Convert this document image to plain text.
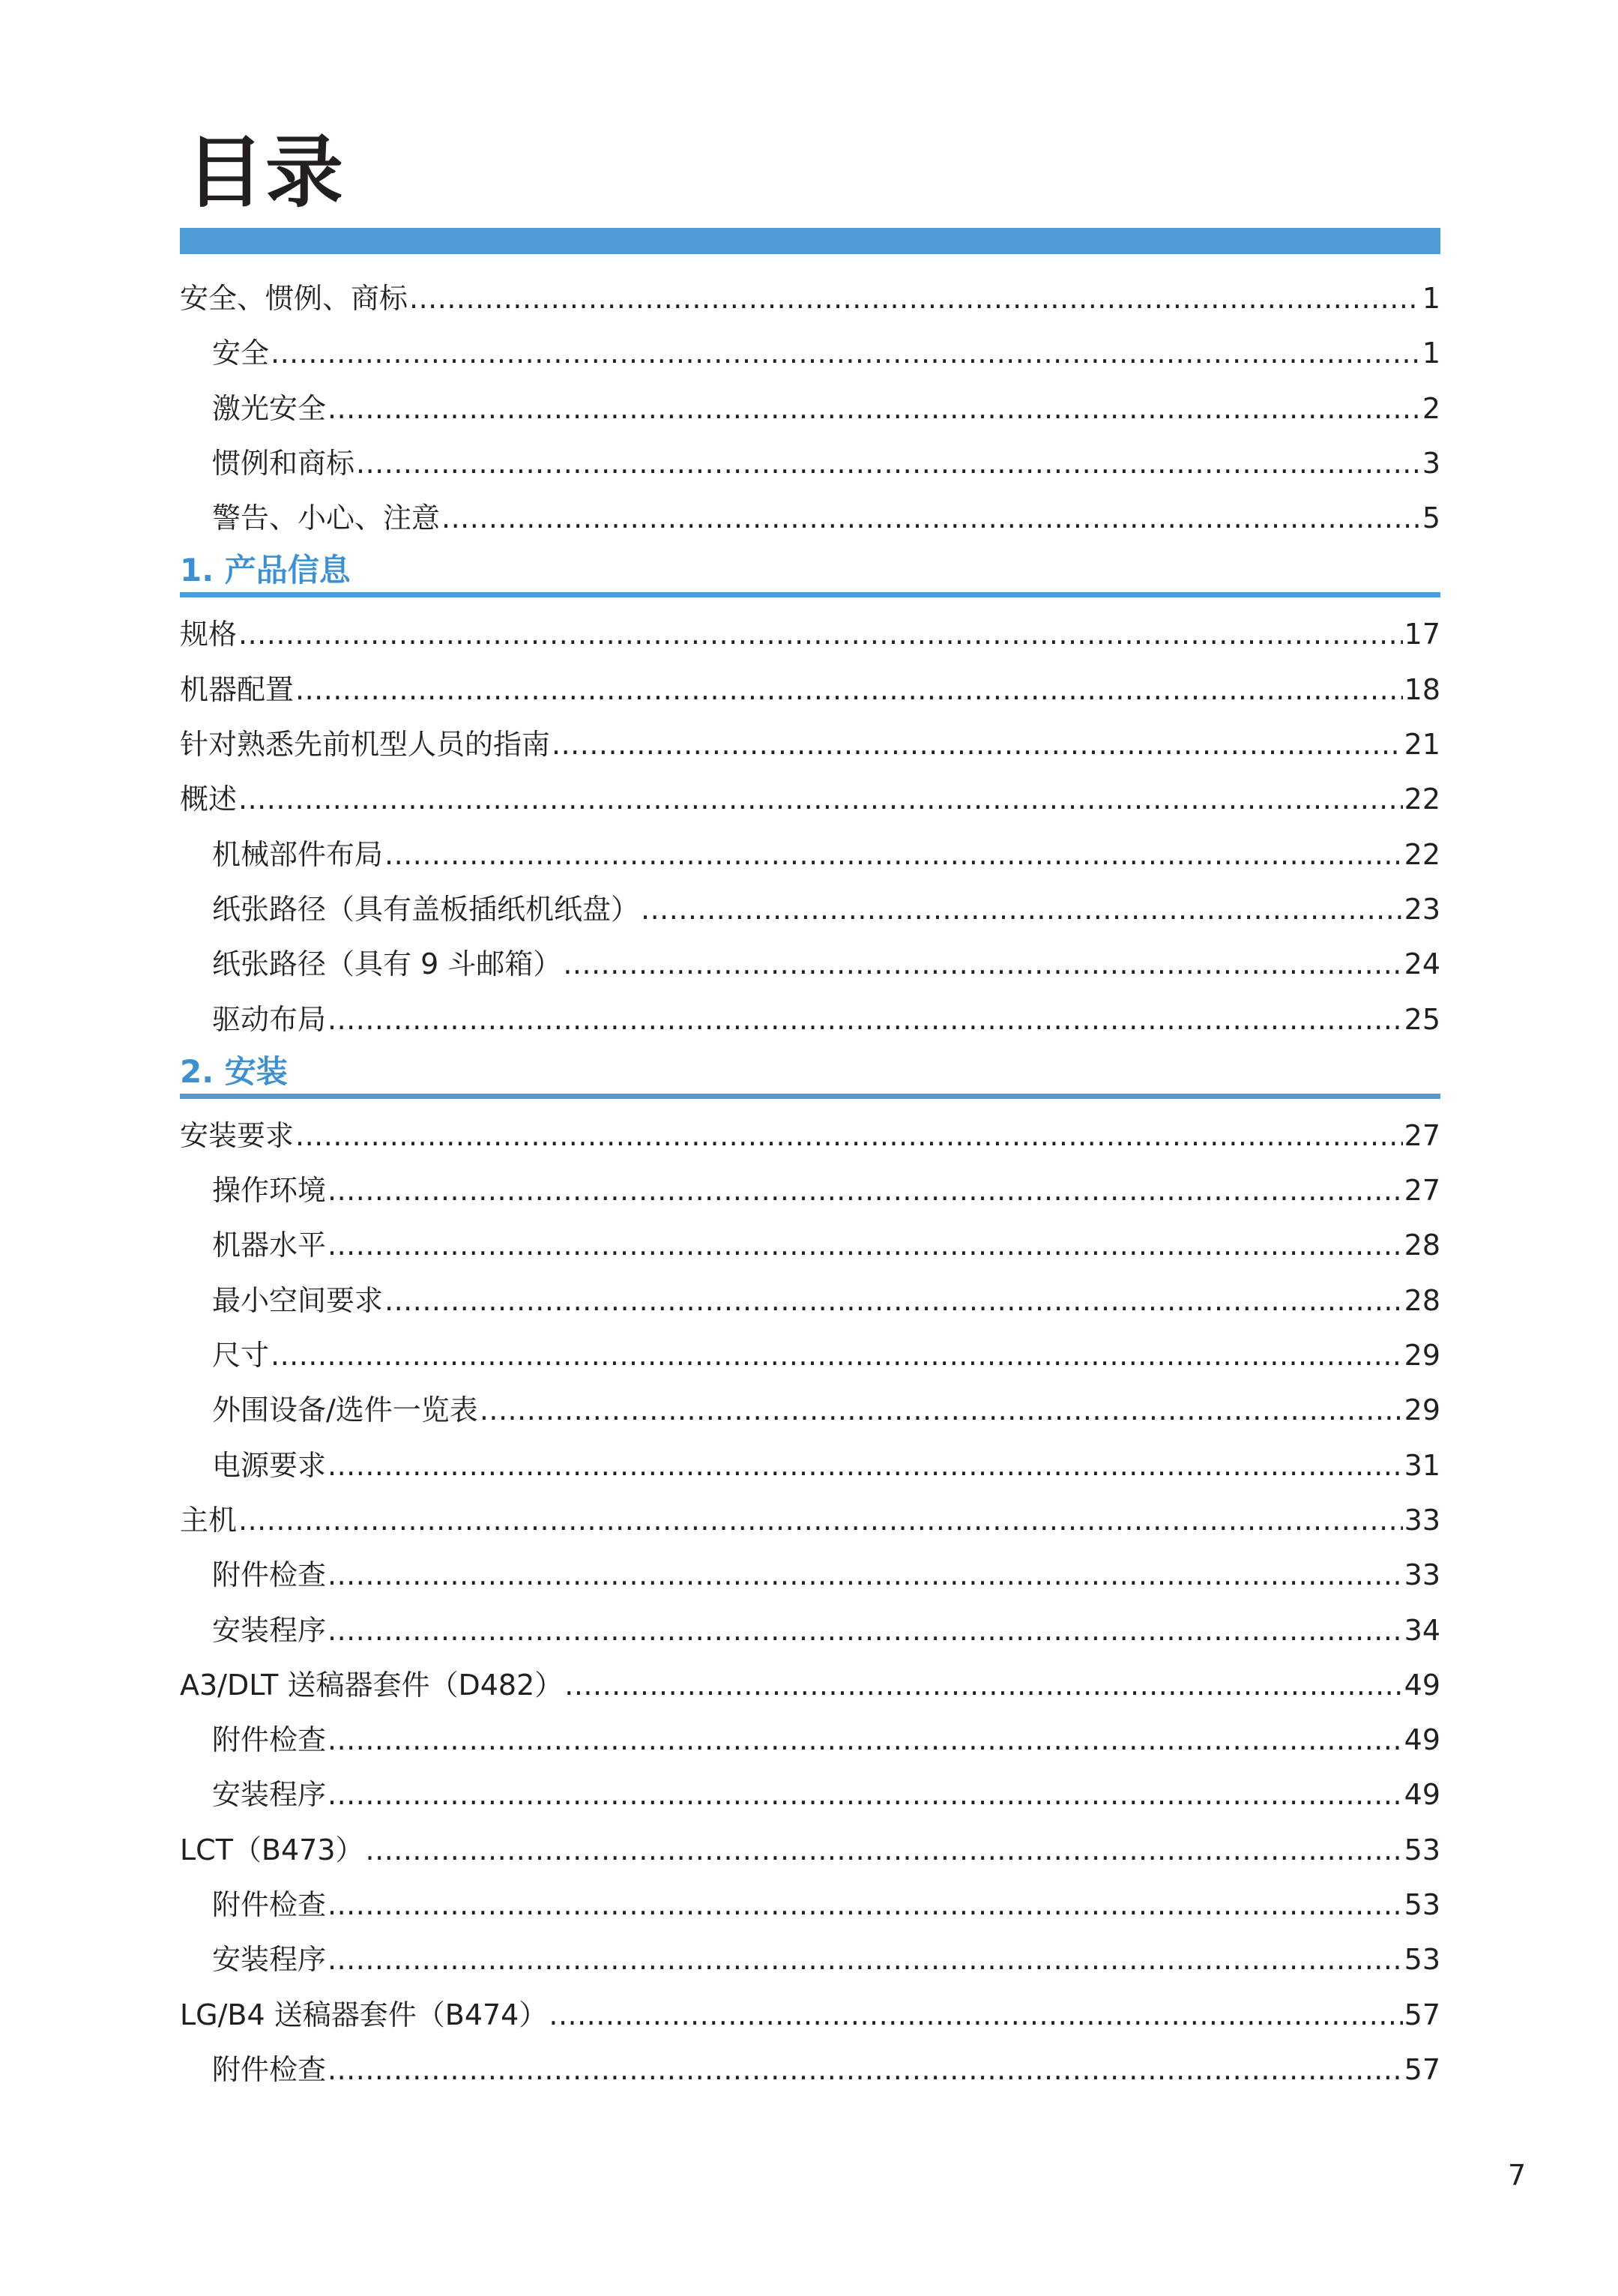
目录
安全、惯例、商标 .....	1
安全 .....	1
激光安全 .....	2
惯例和商标 .....	3
警告、小心、注意 .....	5
1. 产品信息
规格 .....	17
机器配置 .....	18
针对熟悉先前机型人员的指南 .....	21
概述 .....	22
机械部件布局 .....	22
纸张路径（具有盖板插纸机纸盘） .....	23
纸张路径（具有 9 斗邮箱） .....	24
驱动布局 .....	25
2. 安装
安装要求 .....	27
操作环境 .....	27
机器水平 .....	28
最小空间要求 .....	28
尺寸 .....	29
外围设备/选件一览表 .....	29
电源要求 .....	31
主机 .....	33
附件检查 .....	33
安装程序 .....	34
A3/DLT 送稿器套件（D482） .....	49
附件检查 .....	49
安装程序 .....	49
LCT（B473） .....	53
附件检查 .....	53
安装程序 .....	53
LG/B4 送稿器套件（B474） .....	57
附件检查 .....	57
7
